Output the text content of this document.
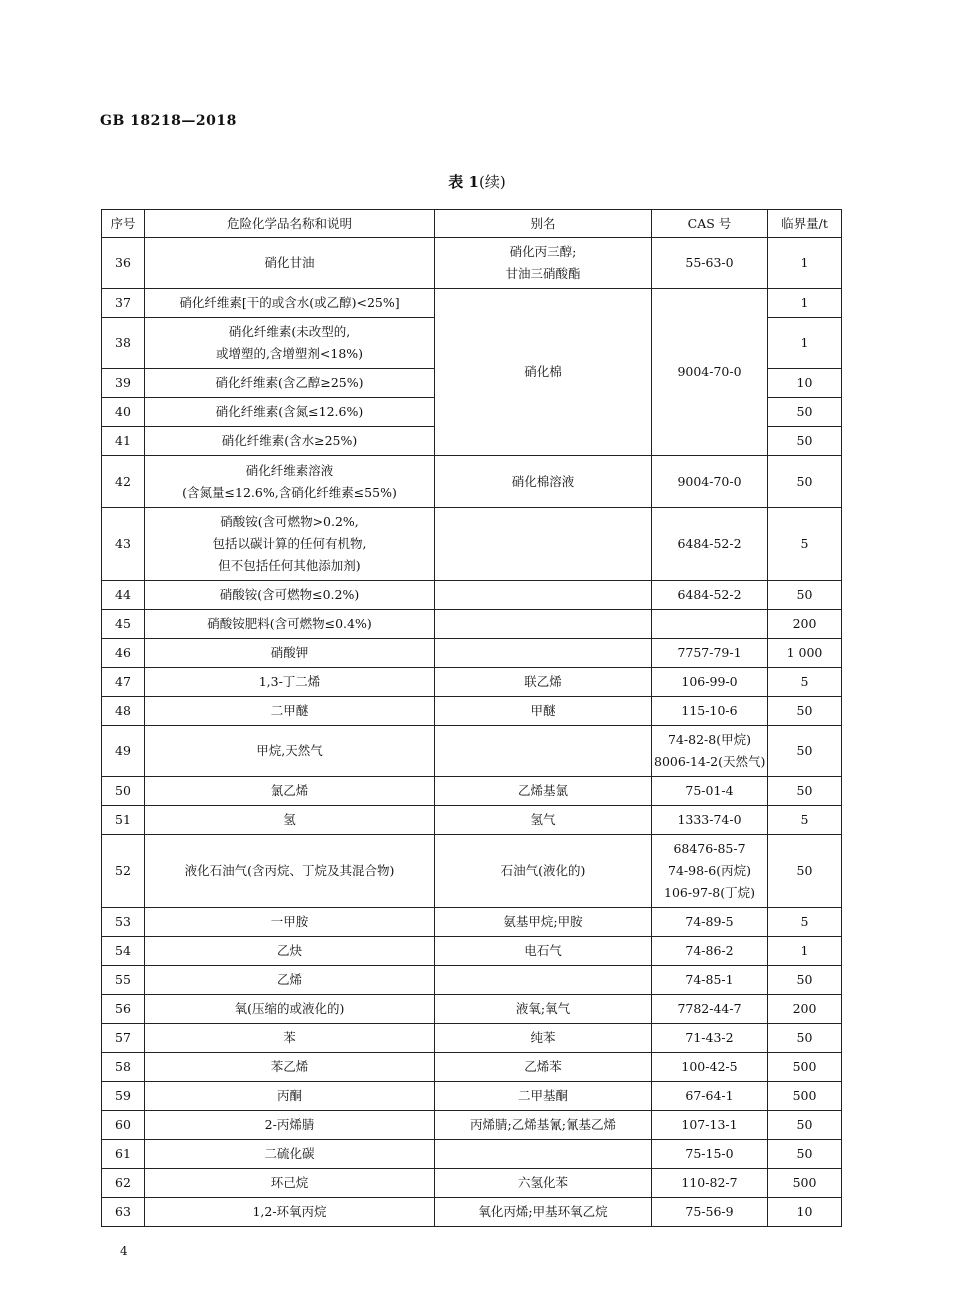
GB 18218—2018
表 1(续)
序号	危险化学品名称和说明	别名	CAS 号	临界量/t
36	硝化甘油	硝化丙三醇;
甘油三硝酸酯	55-63-0	1
37	硝化纤维素[干的或含水(或乙醇)<25%]	硝化棉	9004-70-0	1
38	硝化纤维素(未改型的,
或增塑的,含增塑剂<18%)			1
39	硝化纤维素(含乙醇≥25%)			10
40	硝化纤维素(含氮≤12.6%)			50
41	硝化纤维素(含水≥25%)			50
42	硝化纤维素溶液
(含氮量≤12.6%,含硝化纤维素≤55%)	硝化棉溶液	9004-70-0	50
43	硝酸铵(含可燃物>0.2%,
包括以碳计算的任何有机物,
但不包括任何其他添加剂)		6484-52-2	5
44	硝酸铵(含可燃物≤0.2%)		6484-52-2	50
45	硝酸铵肥料(含可燃物≤0.4%)			200
46	硝酸钾		7757-79-1	1 000
47	1,3-丁二烯	联乙烯	106-99-0	5
48	二甲醚	甲醚	115-10-6	50
49	甲烷,天然气		74-82-8(甲烷)
8006-14-2(天然气)	50
50	氯乙烯	乙烯基氯	75-01-4	50
51	氢	氢气	1333-74-0	5
52	液化石油气(含丙烷、丁烷及其混合物)	石油气(液化的)	68476-85-7
74-98-6(丙烷)
106-97-8(丁烷)	50
53	一甲胺	氨基甲烷;甲胺	74-89-5	5
54	乙炔	电石气	74-86-2	1
55	乙烯		74-85-1	50
56	氧(压缩的或液化的)	液氧;氧气	7782-44-7	200
57	苯	纯苯	71-43-2	50
58	苯乙烯	乙烯苯	100-42-5	500
59	丙酮	二甲基酮	67-64-1	500
60	2-丙烯腈	丙烯腈;乙烯基氰;氰基乙烯	107-13-1	50
61	二硫化碳		75-15-0	50
62	环己烷	六氢化苯	110-82-7	500
63	1,2-环氧丙烷	氧化丙烯;甲基环氧乙烷	75-56-9	10
4
